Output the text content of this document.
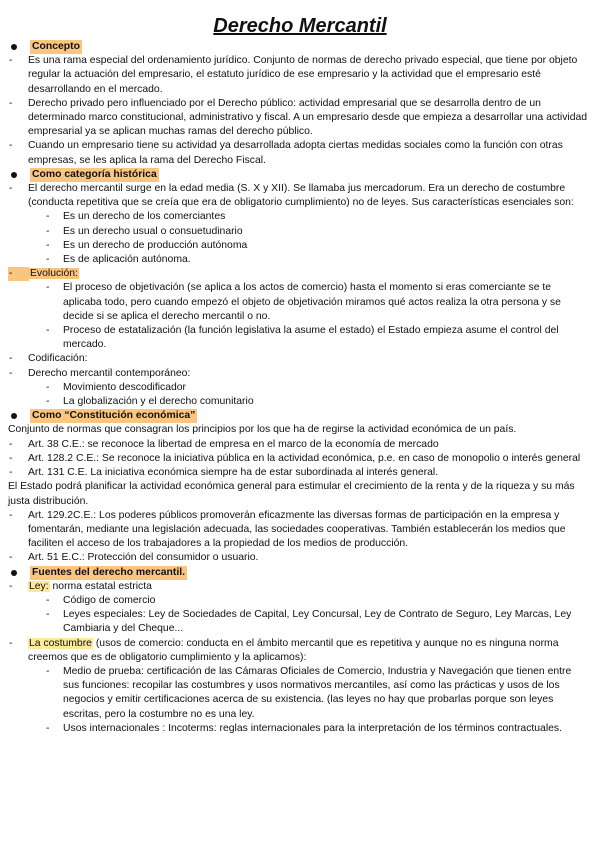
Derecho Mercantil
Concepto
-	Es una rama especial del ordenamiento jurídico. Conjunto de normas de derecho privado especial, que tiene por objeto regular la actuación del empresario, el estatuto jurídico de ese empresario y la actividad que el empresario esté desarrollando en el mercado.
-	Derecho privado pero influenciado por el Derecho público: actividad empresarial que se desarrolla dentro de un determinado marco constitucional, administrativo y fiscal. A un empresario desde que empieza a desarrollar una actividad empresarial ya se aplican muchas ramas del derecho público.
-	Cuando un empresario tiene su actividad ya desarrollada adopta ciertas medidas sociales como la función con otras empresas, se les aplica la rama del Derecho Fiscal.
Como categoría histórica
-	El derecho mercantil surge en la edad media (S. X y XII). Se llamaba jus mercadorum. Era un derecho de costumbre (conducta repetitiva que se creía que era de obligatorio cumplimiento) no de leyes. Sus características esenciales son:
-	Es un derecho de los comerciantes
-	Es un derecho usual o consuetudinario
-	Es un derecho de producción autónoma
-	Es de aplicación autónoma.
-	Evolución:
-	El proceso de objetivación (se aplica a los actos de comercio) hasta el momento si eras comerciante se te aplicaba todo, pero cuando empezó el objeto de objetivación miramos qué actos realiza la otra persona y se decide si se aplica el derecho mercantil o no.
-	Proceso de estatalización (la función legislativa la asume el estado) el Estado empieza asume el control del mercado.
-	Codificación:
-	Derecho mercantil contemporáneo:
-	Movimiento descodificador
-	La globalización y el derecho comunitario
Como “Constitución económica”
Conjunto de normas que consagran los principios por los que ha de regirse la actividad económica de un país.
-	Art. 38 C.E.: se reconoce la libertad de empresa en el marco de la economía de mercado
-	Art. 128.2 C.E.: Se reconoce la iniciativa pública en la actividad económica, p.e. en caso de monopolio o interés general
-	Art. 131 C.E. La iniciativa económica siempre ha de estar subordinada al interés general.
El Estado podrá planificar la actividad económica general para estimular el crecimiento de la renta y de la riqueza y su más justa distribución.
-	Art. 129.2C.E.: Los poderes públicos promoverán eficazmente las diversas formas de participación en la empresa y fomentarán, mediante una legislación adecuada, las sociedades cooperativas. También establecerán los medios que faciliten el acceso de los trabajadores a la propiedad de los medios de producción.
-	Art. 51 E.C.: Protección del consumidor o usuario.
Fuentes del derecho mercantil.
-	Ley: norma estatal estricta
-	Código de comercio
-	Leyes especiales: Ley de Sociedades de Capital, Ley Concursal, Ley de Contrato de Seguro, Ley Marcas, Ley Cambiaria y del Cheque...
-	La costumbre (usos de comercio: conducta en el ámbito mercantil que es repetitiva y aunque no es ninguna norma creemos que es de obligatorio cumplimiento y la aplicamos):
-	Medio de prueba: certificación de las Cámaras Oficiales de Comercio, Industria y Navegación que tienen entre sus funciones: recopilar las costumbres y usos normativos mercantiles, así como las prácticas y usos de los negocios y emitir certificaciones acerca de su existencia. (las leyes no hay que probarlas porque son leyes escritas, pero la costumbre no es una ley.
-	Usos internacionales : Incoterms: reglas internacionales para la interpretación de los términos contractuales.
